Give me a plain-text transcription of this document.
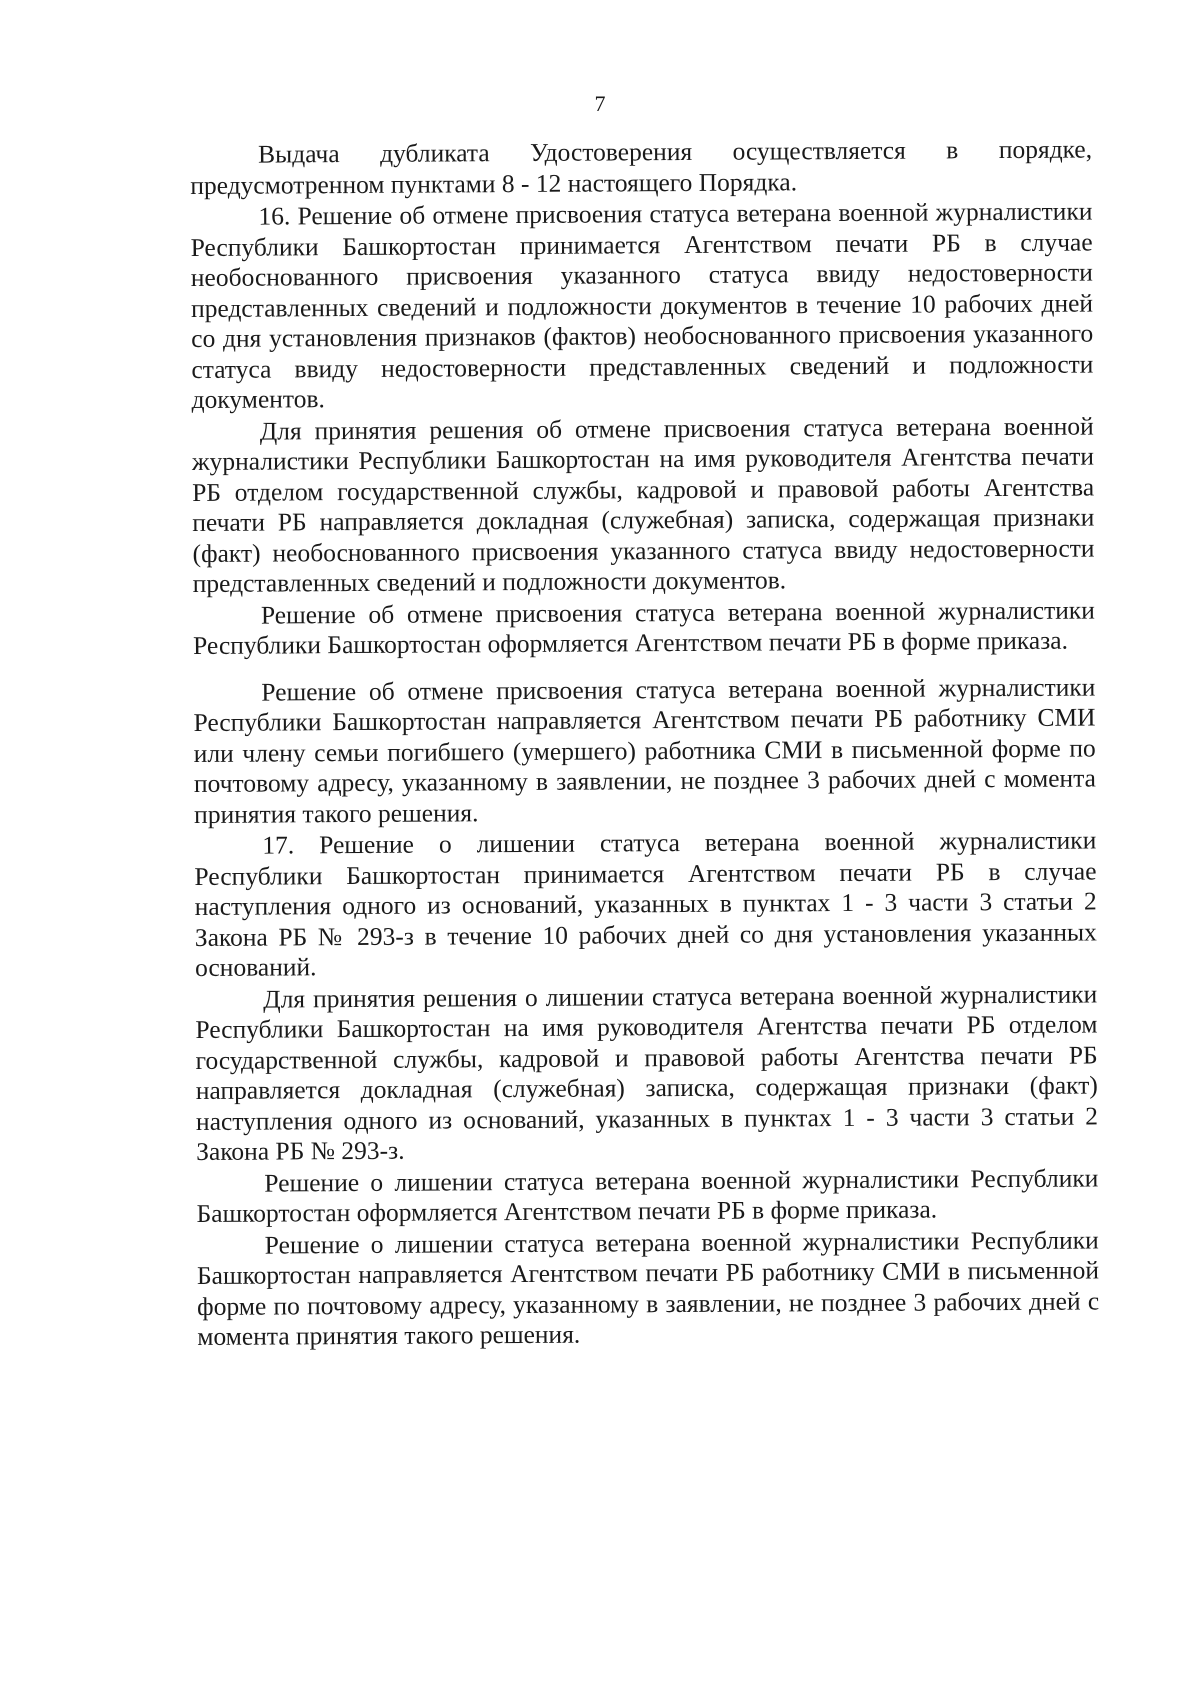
7

Выдача дубликата Удостоверения осуществляется в порядке, предусмотренном пунктами 8 - 12 настоящего Порядка.

16. Решение об отмене присвоения статуса ветерана военной журналистики Республики Башкортостан принимается Агентством печати РБ в случае необоснованного присвоения указанного статуса ввиду недостоверности представленных сведений и подложности документов в течение 10 рабочих дней со дня установления признаков (фактов) необоснованного присвоения указанного статуса ввиду недостоверности представленных сведений и подложности документов.

Для принятия решения об отмене присвоения статуса ветерана военной журналистики Республики Башкортостан на имя руководителя Агентства печати РБ отделом государственной службы, кадровой и правовой работы Агентства печати РБ направляется докладная (служебная) записка, содержащая признаки (факт) необоснованного присвоения указанного статуса ввиду недостоверности представленных сведений и подложности документов.

Решение об отмене присвоения статуса ветерана военной журналистики Республики Башкортостан оформляется Агентством печати РБ в форме приказа.

Решение об отмене присвоения статуса ветерана военной журналистики Республики Башкортостан направляется Агентством печати РБ работнику СМИ или члену семьи погибшего (умершего) работника СМИ в письменной форме по почтовому адресу, указанному в заявлении, не позднее 3 рабочих дней с момента принятия такого решения.

17. Решение о лишении статуса ветерана военной журналистики Республики Башкортостан принимается Агентством печати РБ в случае наступления одного из оснований, указанных в пунктах 1 - 3 части 3 статьи 2 Закона РБ № 293-з в течение 10 рабочих дней со дня установления указанных оснований.

Для принятия решения о лишении статуса ветерана военной журналистики Республики Башкортостан на имя руководителя Агентства печати РБ отделом государственной службы, кадровой и правовой работы Агентства печати РБ направляется докладная (служебная) записка, содержащая признаки (факт) наступления одного из оснований, указанных в пунктах 1 - 3 части 3 статьи 2 Закона РБ № 293-з.

Решение о лишении статуса ветерана военной журналистики Республики Башкортостан оформляется Агентством печати РБ в форме приказа.

Решение о лишении статуса ветерана военной журналистики Республики Башкортостан направляется Агентством печати РБ работнику СМИ в письменной форме по почтовому адресу, указанному в заявлении, не позднее 3 рабочих дней с момента принятия такого решения.
